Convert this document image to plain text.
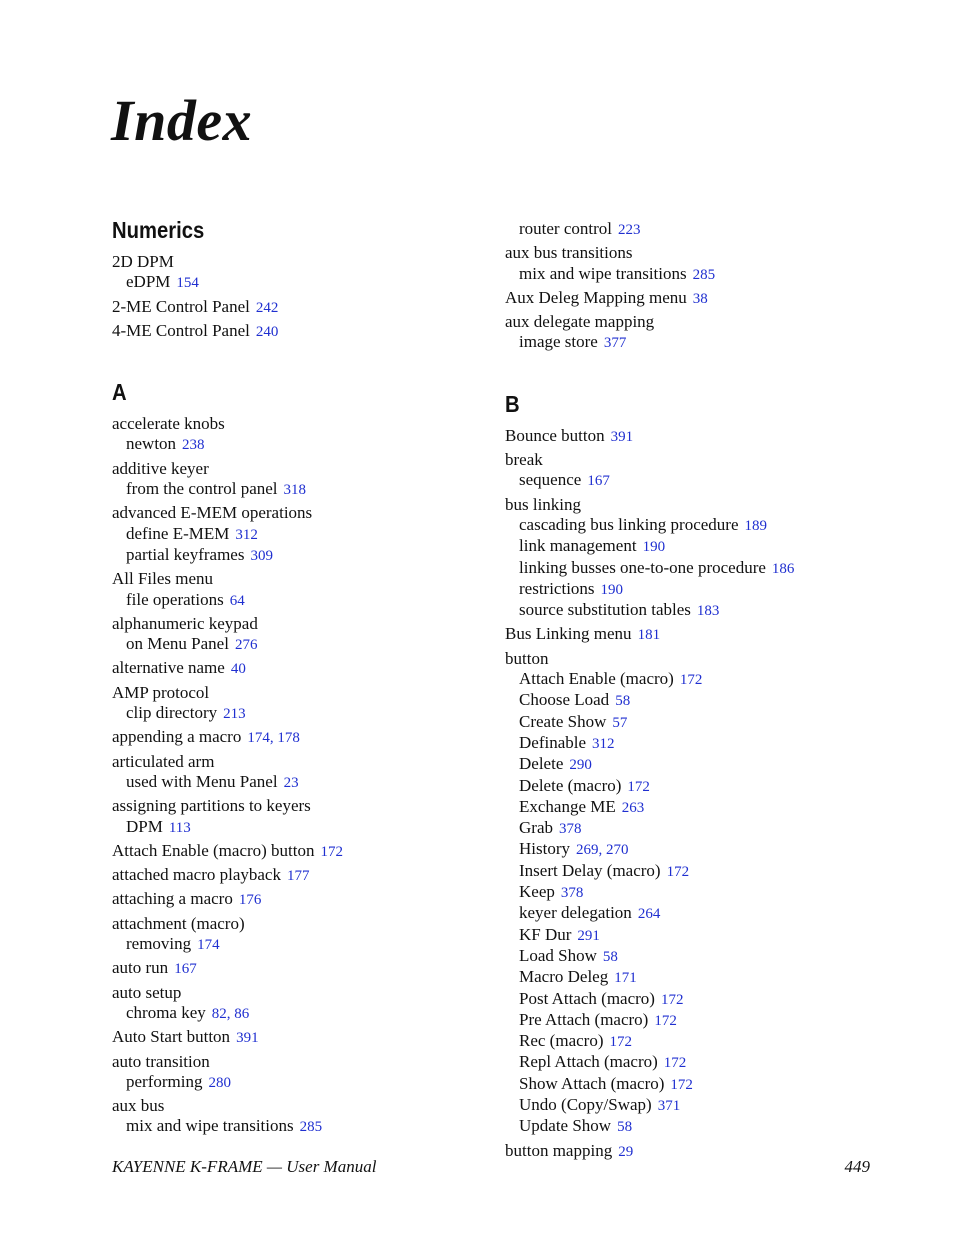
Index
Numerics
2D DPM
eDPM 154
2-ME Control Panel 242
4-ME Control Panel 240
A
accelerate knobs
newton 238
additive keyer
from the control panel 318
advanced E-MEM operations
define E-MEM 312
partial keyframes 309
All Files menu
file operations 64
alphanumeric keypad
on Menu Panel 276
alternative name 40
AMP protocol
clip directory 213
appending a macro 174, 178
articulated arm
used with Menu Panel 23
assigning partitions to keyers
DPM 113
Attach Enable (macro) button 172
attached macro playback 177
attaching a macro 176
attachment (macro)
removing 174
auto run 167
auto setup
chroma key 82, 86
Auto Start button 391
auto transition
performing 280
aux bus
mix and wipe transitions 285
router control 223
aux bus transitions
mix and wipe transitions 285
Aux Deleg Mapping menu 38
aux delegate mapping
image store 377
B
Bounce button 391
break
sequence 167
bus linking
cascading bus linking procedure 189
link management 190
linking busses one-to-one procedure 186
restrictions 190
source substitution tables 183
Bus Linking menu 181
button
Attach Enable (macro) 172
Choose Load 58
Create Show 57
Definable 312
Delete 290
Delete (macro) 172
Exchange ME 263
Grab 378
History 269, 270
Insert Delay (macro) 172
Keep 378
keyer delegation 264
KF Dur 291
Load Show 58
Macro Deleg 171
Post Attach (macro) 172
Pre Attach (macro) 172
Rec (macro) 172
Repl Attach (macro) 172
Show Attach (macro) 172
Undo (Copy/Swap) 371
Update Show 58
button mapping 29
KAYENNE K-FRAME — User Manual	449
